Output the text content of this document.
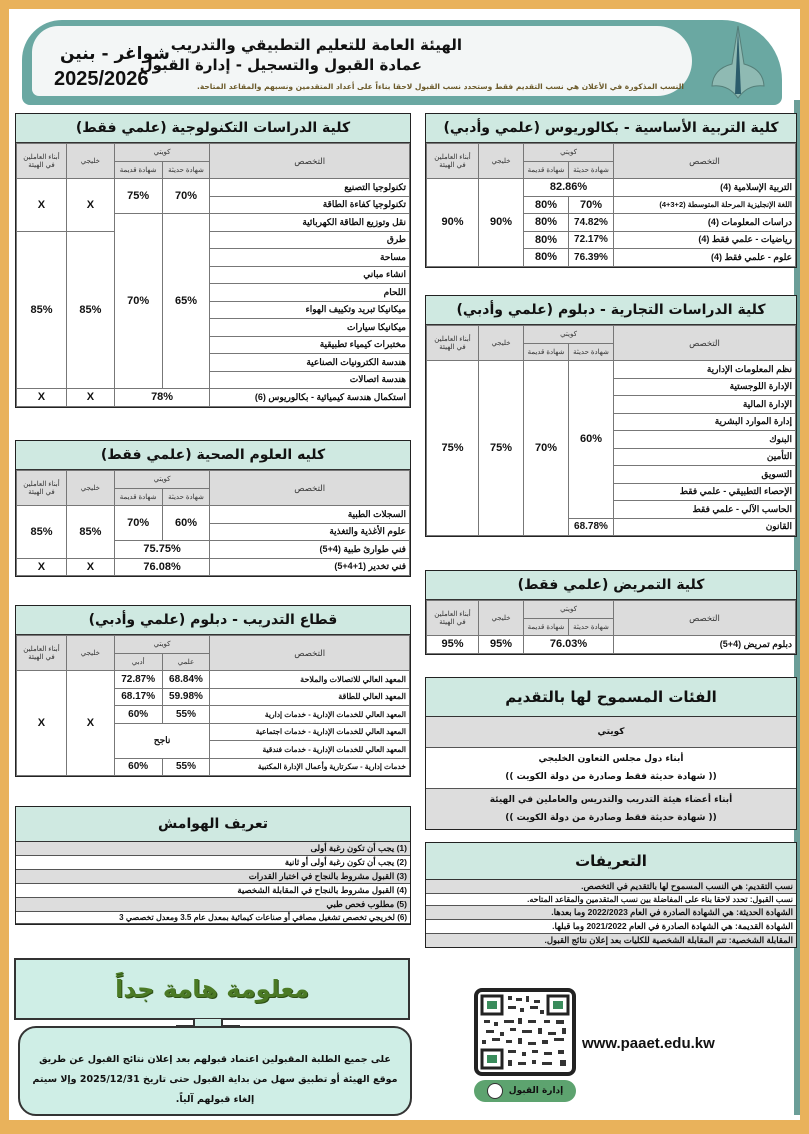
الهيئة العامة للتعليم التطبيقي والتدريب
عمادة القبول والتسجيل - إدارة القبول
النسب المذكورة في الأعلان هي نسب التقديم فقط وستحدد نسب القبول لاحقا بناءاً على أعداد المتقدمين ونسبهم والمقاعد المتاحة.
شواغر - بنين
2025/2026
كلية الدراسات التكنولوجية (علمي فقط)
التخصص	كويتي		خليجي	أبناء العاملين في الهيئة
	شهادة حديثة	شهادة قديمة		
تكنولوجيا التصنيع	70%	75%	X	X
تكنولوجيا كفاءة الطاقة				
نقل وتوزيع الطاقة الكهربائية	65%	70%		
طرق			85%	85%
مساحة				
انشاء مباني				
اللحام				
ميكانيكا تبريد وتكييف الهواء				
ميكانيكا سيارات				
مختبرات كيمياء تطبيقية				
هندسة الكترونيات الصناعية				
هندسة اتصالات				
استكمال هندسة كيميائية - بكالوريوس (6)	78%		X	X
كليه العلوم الصحية (علمي فقط)
التخصص	كويتي		خليجي	أبناء العاملين في الهيئة
	شهادة حديثة	شهادة قديمة		
السجلات الطبية	60%	70%	85%	85%
علوم الأغذية والتغذية				
فني طوارئ طبية (4+5)	75.75%			
فني تخدير (1+4+5)	76.08%		X	X
قطاع التدريب - دبلوم (علمي وأدبي)
التخصص	كويتي		خليجي	أبناء العاملين في الهيئة
	علمي	أدبي		
المعهد العالي للاتصالات والملاحة	68.84%	72.87%	X	X
المعهد العالي للطاقة	59.98%	68.17%		
المعهد العالي للخدمات الإدارية - خدمات إدارية	55%	60%		
المعهد العالي للخدمات الإدارية - خدمات اجتماعية	ناجح			
المعهد العالي للخدمات الإدارية - خدمات فندقية				
خدمات إدارية - سكرتارية وأعمال الإدارة المكتبية	55%	60%		
تعريف الهوامش
(1) يجب أن تكون رغبة أولى
(2) يجب أن تكون رغبة أولى أو ثانية
(3) القبول مشروط بالنجاح في اختبار القدرات
(4) القبول مشروط بالنجاح في المقابلة الشخصية
(5) مطلوب فحص طبي
(6) لخريجي تخصص تشغيل مصافي أو صناعات كيمائية بمعدل عام 3.5 ومعدل تخصصي 3
معلومة هامة جداً
على جميع الطلبة المقبولين اعتماد قبولهم بعد إعلان نتائج القبول عن طريق موقع الهيئة أو تطبيق سهل من بداية القبول حتى تاريخ 2025/12/31 وإلا سيتم إلغاء قبولهم آلياً.
كلية التربية الأساسية - بكالوريوس (علمي وأدبي)
التخصص	كويتي		خليجي	أبناء العاملين في الهيئة
	شهادة حديثة	شهادة قديمة		
التربية الإسلامية (4)	82.86%		90%	90%
اللغة الإنجليزية المرحلة المتوسطة (2+3+4)	70%	80%		
دراسات المعلومات (4)	74.82%	80%		
رياضيات - علمي فقط (4)	72.17%	80%		
علوم - علمي فقط (4)	76.39%	80%		
كلية الدراسات التجارية - دبلوم (علمي وأدبي)
التخصص	كويتي		خليجي	أبناء العاملين في الهيئة
	شهادة حديثة	شهادة قديمة		
نظم المعلومات الإدارية	60%	70%	75%	75%
الإدارة اللوجستية				
الإدارة المالية				
إدارة الموارد البشرية				
البنوك				
التأمين				
التسويق				
الإحصاء التطبيقي - علمي فقط				
الحاسب الآلي - علمي فقط				
القانون	68.78%			
كلية التمريض (علمي فقط)
التخصص	كويتي		خليجي	أبناء العاملين في الهيئة
	شهادة حديثة	شهادة قديمة		
دبلوم تمريض (4+5)	76.03%		95%	95%
الفئات المسموح لها بالتقديم
كويتي
أبناء دول مجلس التعاون الخليجي
(( شهادة حديثة فقط وصادرة من دولة الكويت ))
أبناء أعضاء هيئة التدريب والتدريس والعاملين في الهيئة
(( شهادة حديثة فقط وصادرة من دولة الكويت ))
التعريفات
نسب التقديم: هي النسب المسموح لها بالتقديم في التخصص.
نسب القبول: تحدد لاحقا بناء على المفاضلة بين نسب المتقدمين والمقاعد المتاحه.
الشهادة الحديثة: هي الشهادة الصادرة في العام 2022/2023 وما بعدها.
الشهادة القديمة: هي الشهادة الصادرة في العام 2021/2022 وما قبلها.
المقابلة الشخصية: تتم المقابلة الشخصية للكليات بعد إعلان نتائج القبول.
إدارة القبول
www.paaet.edu.kw
